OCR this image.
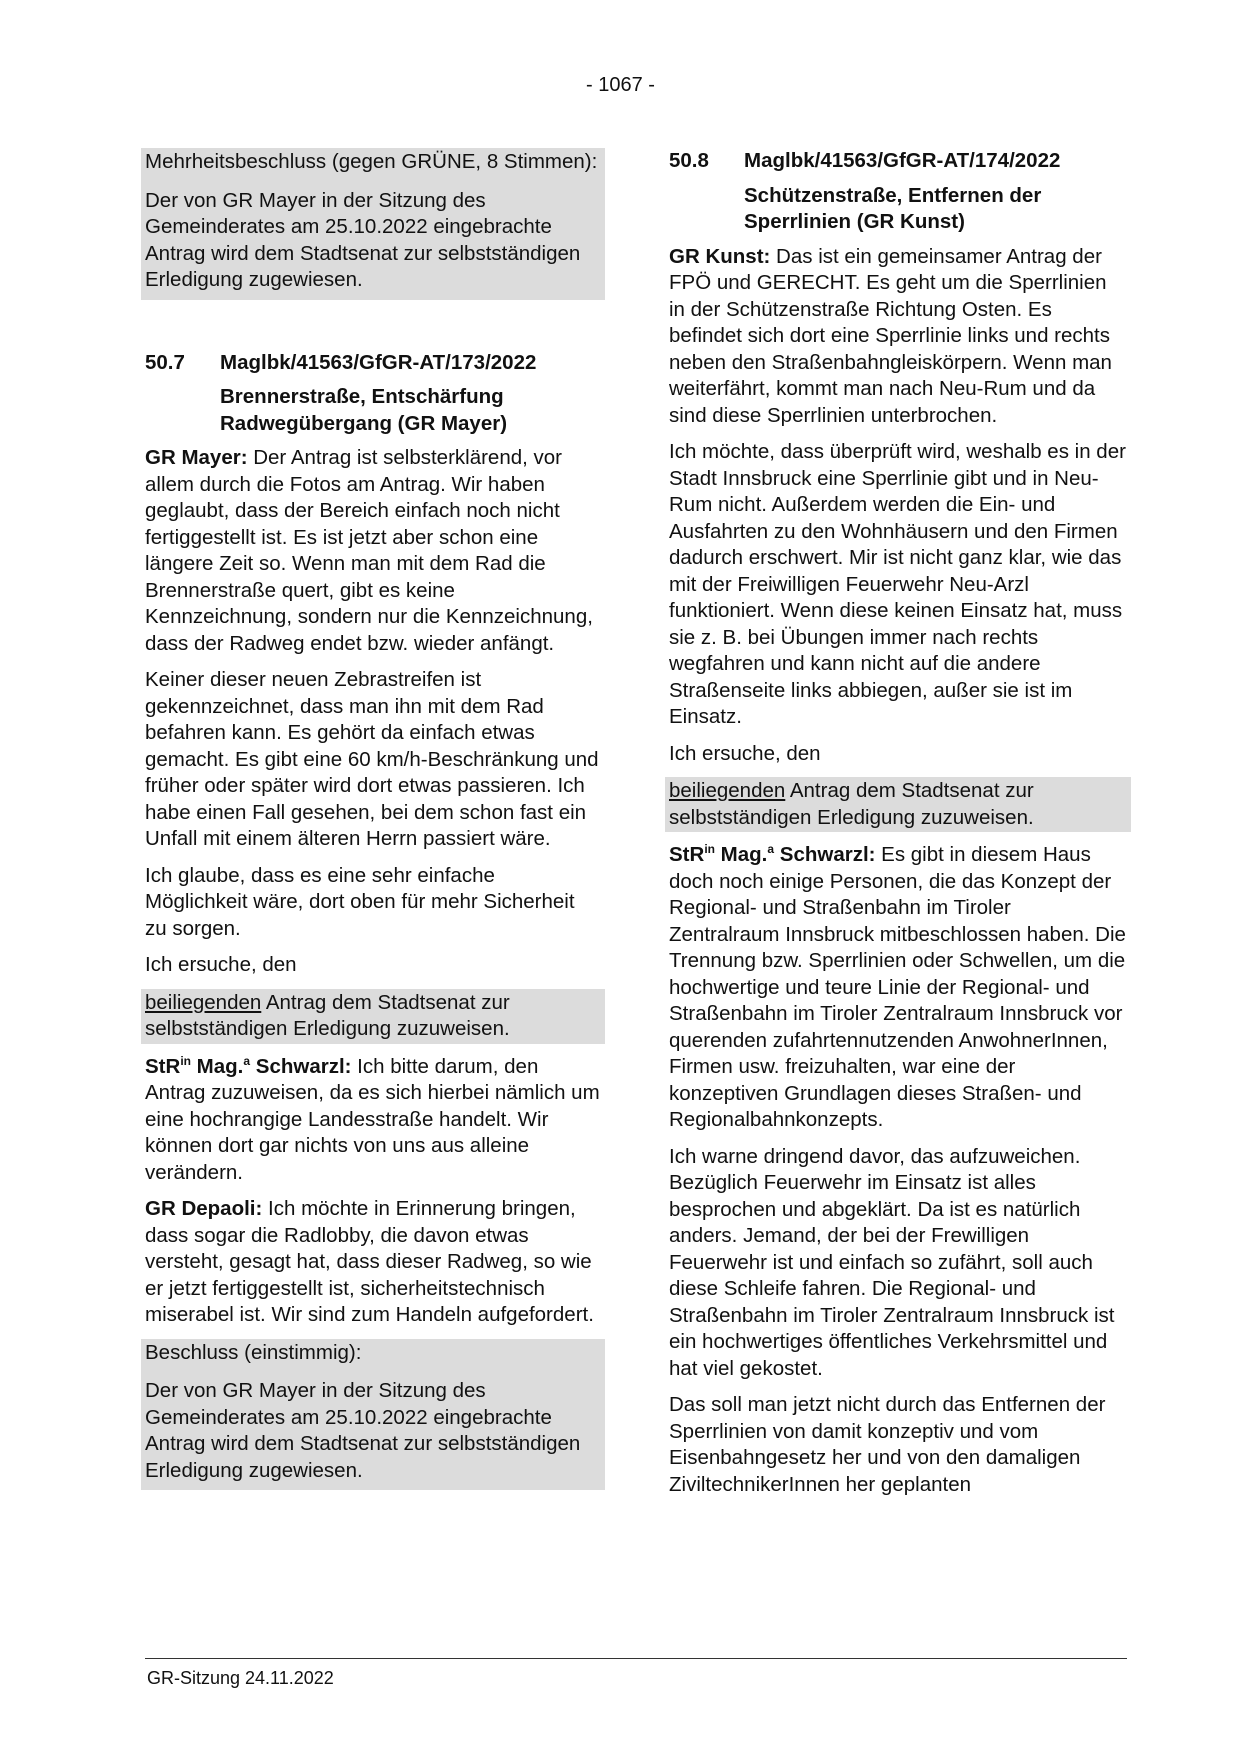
- 1067 -

Mehrheitsbeschluss (gegen GRÜNE, 8 Stimmen):

Der von GR Mayer in der Sitzung des Gemeinderates am 25.10.2022 eingebrachte Antrag wird dem Stadtsenat zur selbstständigen Erledigung zugewiesen.

50.7 Maglbk/41563/GfGR-AT/173/2022

Brennerstraße, Entschärfung Radwegübergang (GR Mayer)

GR Mayer: Der Antrag ist selbsterklärend, vor allem durch die Fotos am Antrag. Wir haben geglaubt, dass der Bereich einfach noch nicht fertiggestellt ist. Es ist jetzt aber schon eine längere Zeit so. Wenn man mit dem Rad die Brennerstraße quert, gibt es keine Kennzeichnung, sondern nur die Kennzeichnung, dass der Radweg endet bzw. wieder anfängt.

Keiner dieser neuen Zebrastreifen ist gekennzeichnet, dass man ihn mit dem Rad befahren kann. Es gehört da einfach etwas gemacht. Es gibt eine 60 km/h-Beschränkung und früher oder später wird dort etwas passieren. Ich habe einen Fall gesehen, bei dem schon fast ein Unfall mit einem älteren Herrn passiert wäre.

Ich glaube, dass es eine sehr einfache Möglichkeit wäre, dort oben für mehr Sicherheit zu sorgen.

Ich ersuche, den

beiliegenden Antrag dem Stadtsenat zur selbstständigen Erledigung zuzuweisen.

StR$^{in}$ Mag.$^a$ Schwarzl: Ich bitte darum, den Antrag zuzuweisen, da es sich hierbei nämlich um eine hochrangige Landesstraße handelt. Wir können dort gar nichts von uns aus alleine verändern.

GR Depaoli: Ich möchte in Erinnerung bringen, dass sogar die Radlobby, die davon etwas versteht, gesagt hat, dass dieser Radweg, so wie er jetzt fertiggestellt ist, sicherheitstechnisch miserabel ist. Wir sind zum Handeln aufgefordert.

Beschluss (einstimmig):

Der von GR Mayer in der Sitzung des Gemeinderates am 25.10.2022 eingebrachte Antrag wird dem Stadtsenat zur selbstständigen Erledigung zugewiesen.

50.8 Maglbk/41563/GfGR-AT/174/2022

Schützenstraße, Entfernen der Sperrlinien (GR Kunst)

GR Kunst: Das ist ein gemeinsamer Antrag der FPÖ und GERECHT. Es geht um die Sperrlinien in der Schützenstraße Richtung Osten. Es befindet sich dort eine Sperrlinie links und rechts neben den Straßenbahngleiskörpern. Wenn man weiterfährt, kommt man nach Neu-Rum und da sind diese Sperrlinien unterbrochen.

Ich möchte, dass überprüft wird, weshalb es in der Stadt Innsbruck eine Sperrlinie gibt und in Neu-Rum nicht. Außerdem werden die Ein- und Ausfahrten zu den Wohnhäusern und den Firmen dadurch erschwert. Mir ist nicht ganz klar, wie das mit der Freiwilligen Feuerwehr Neu-Arzl funktioniert. Wenn diese keinen Einsatz hat, muss sie z. B. bei Übungen immer nach rechts wegfahren und kann nicht auf die andere Straßenseite links abbiegen, außer sie ist im Einsatz.

Ich ersuche, den

beiliegenden Antrag dem Stadtsenat zur selbstständigen Erledigung zuzuweisen.

StR$^{in}$ Mag.$^a$ Schwarzl: Es gibt in diesem Haus doch noch einige Personen, die das Konzept der Regional- und Straßenbahn im Tiroler Zentralraum Innsbruck mitbeschlossen haben. Die Trennung bzw. Sperrlinien oder Schwellen, um die hochwertige und teure Linie der Regional- und Straßenbahn im Tiroler Zentralraum Innsbruck vor querenden zufahrtennutzenden AnwohnerInnen, Firmen usw. freizuhalten, war eine der konzeptiven Grundlagen dieses Straßen- und Regionalbahnkonzepts.

Ich warne dringend davor, das aufzuweichen. Bezüglich Feuerwehr im Einsatz ist alles besprochen und abgeklärt. Da ist es natürlich anders. Jemand, der bei der Frewilligen Feuerwehr ist und einfach so zufährt, soll auch diese Schleife fahren. Die Regional- und Straßenbahn im Tiroler Zentralraum Innsbruck ist ein hochwertiges öffentliches Verkehrsmittel und hat viel gekostet.

Das soll man jetzt nicht durch das Entfernen der Sperrlinien von damit konzeptiv und vom Eisenbahngesetz her und von den damaligen ZiviltechnikerInnen her geplanten

GR-Sitzung 24.11.2022
